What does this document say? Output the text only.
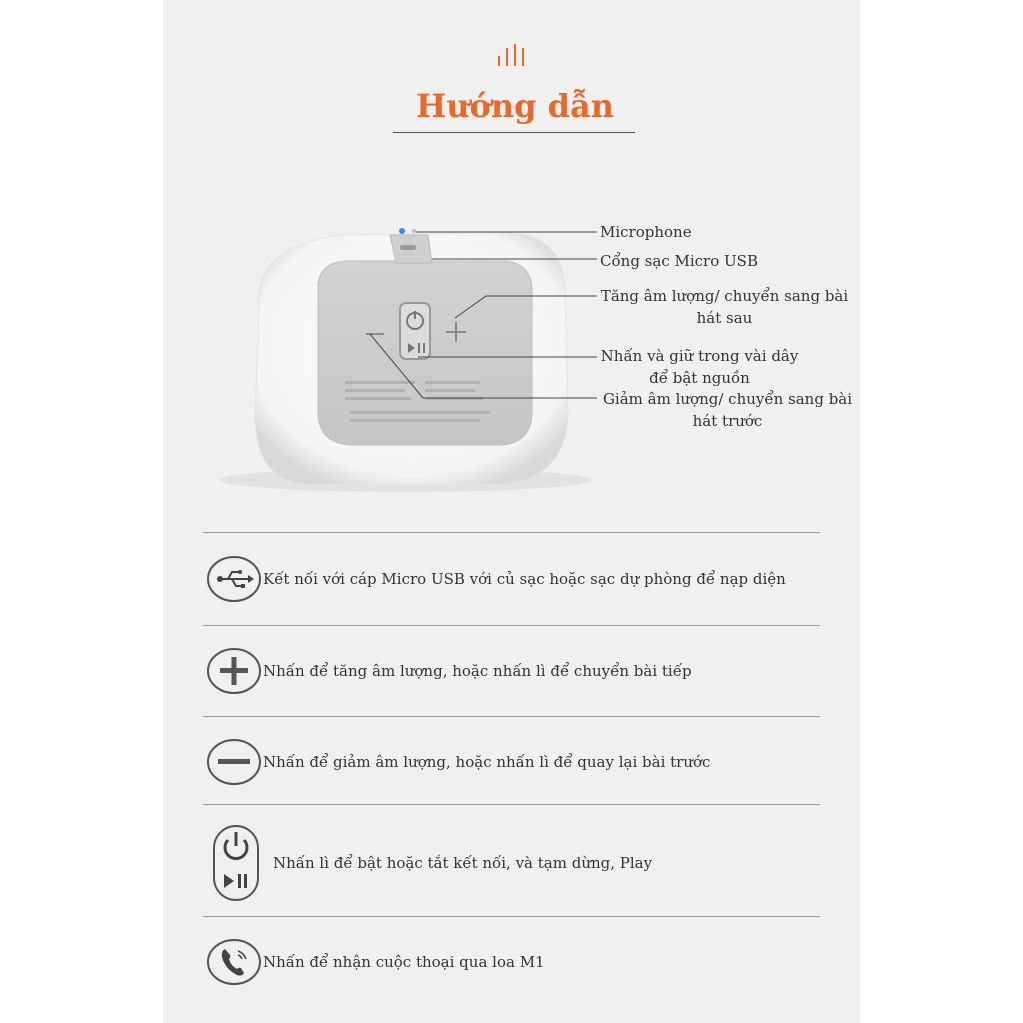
Hướng dẫn
Microphone
Cổng sạc Micro USB
Tăng âm lượng/ chuyển sang bài
hát sau
Nhấn và giữ trong vài dây
để bật nguồn
Giảm âm lượng/ chuyển sang bài
hát trước
Kết nối với cáp Micro USB với củ sạc hoặc sạc dự phòng để nạp diện
Nhấn để tăng âm lượng, hoặc nhấn lì để chuyển bài tiếp
Nhấn để giảm âm lượng, hoặc nhấn lì để quay lại bài trước
Nhấn lì để bật hoặc tắt kết nối, và tạm dừng, Play
Nhấn để nhận cuộc thoại qua loa M1
